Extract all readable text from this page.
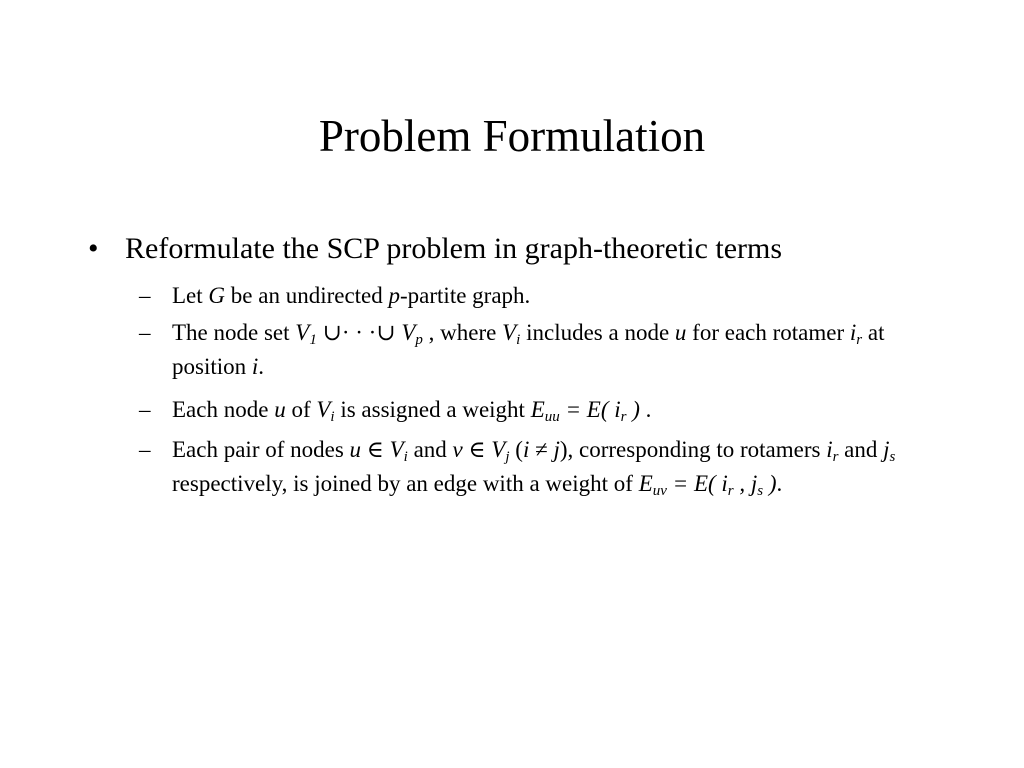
Problem Formulation
• Reformulate the SCP problem in graph-theoretic terms
– Let G be an undirected p-partite graph.
– The node set $V_1$ ∪· · ·∪ $V_p$ , where $V_i$ includes a node u for each rotamer $i_r$ at position i.
– Each node u of $V_i$ is assigned a weight $E_{uu} = E$( $i_r$ ) .
– Each pair of nodes u ∈ $V_i$ and v ∈ $V_j$ (i ≠ j), corresponding to rotamers $i_r$ and $j_s$ respectively, is joined by an edge with a weight of $E_{uv} = E$( $i_r$ , $j_s$ ).
